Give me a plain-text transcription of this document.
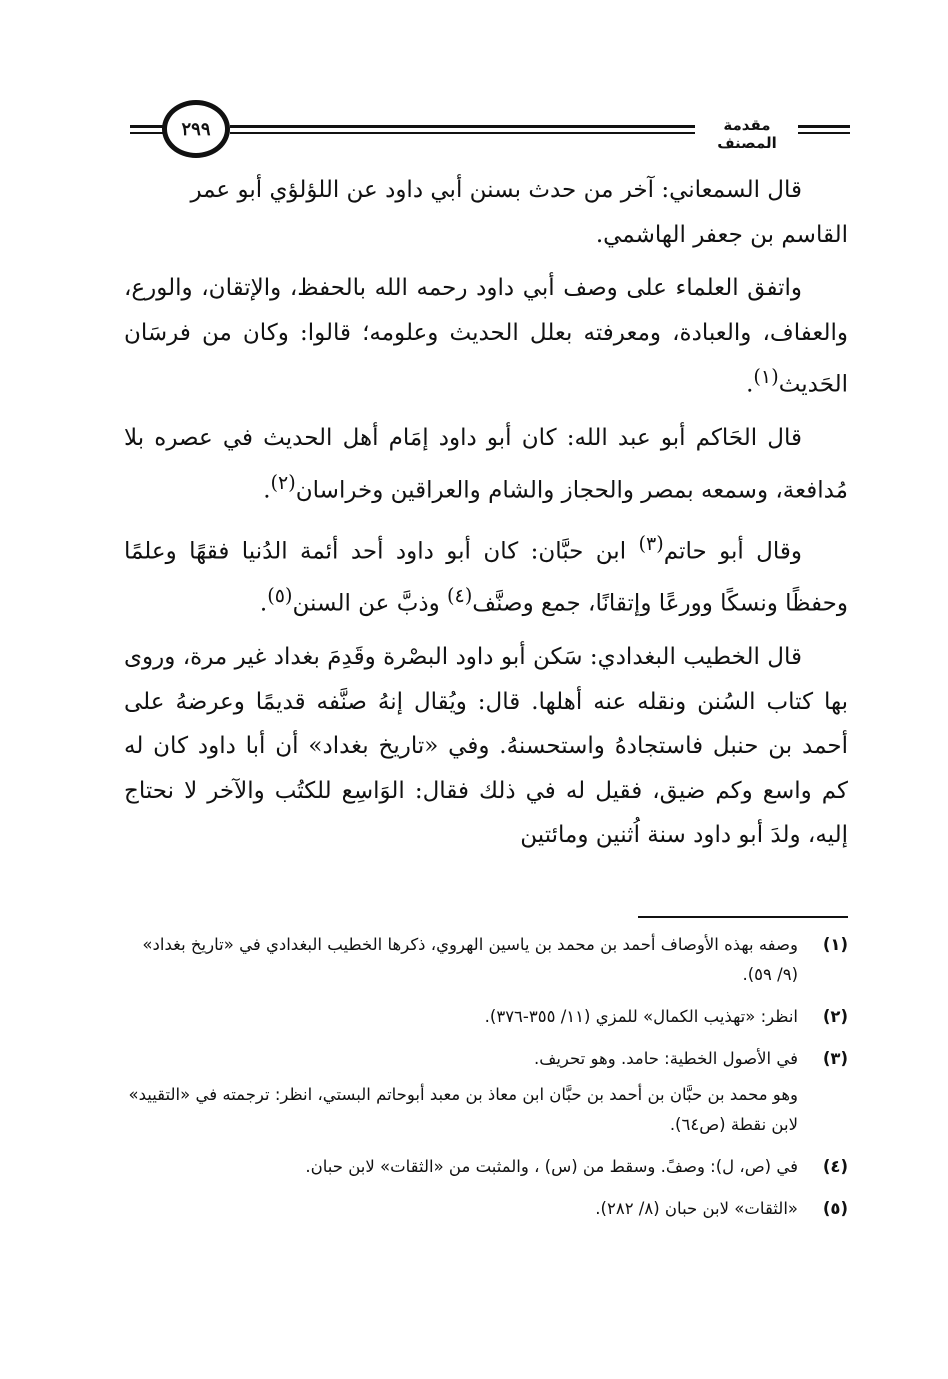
٢٩٩	مقدمة المصنف

قال السمعاني: آخر من حدث بسنن أبي داود عن اللؤلؤي أبو عمر
القاسم بن جعفر الهاشمي.

واتفق العلماء على وصف أبي داود رحمه الله بالحفظ، والإتقان، والورع، والعفاف، والعبادة، ومعرفته بعلل الحديث وعلومه؛ قالوا: وكان من فرسَان الحَديث$^{(١)}$.

قال الحَاكم أبو عبد الله: كان أبو داود إمَام أهل الحديث في عصره بلا مُدافعة، وسمعه بمصر والحجاز والشام والعراقين وخراسان$^{(٢)}$.

وقال أبو حاتم$^{(٣)}$ ابن حبَّان: كان أبو داود أحد أئمة الدُنيا فقهًا وعلمًا وحفظًا ونسكًا وورعًا وإتقانًا، جمع وصنَّف$^{(٤)}$ وذبَّ عن السنن$^{(٥)}$.

قال الخطيب البغدادي: سَكن أبو داود البصْرة وقَدِمَ بغداد غير مرة، وروى بها كتاب السُنن ونقله عنه أهلها. قال: ويُقال إنهُ صنَّفه قديمًا وعرضهُ على أحمد بن حنبل فاستجادهُ واستحسنهُ. وفي «تاريخ بغداد» أن أبا داود كان له كم واسع وكم ضيق، فقيل له في ذلك فقال: الوَاسِع للكتُب والآخر لا نحتاج إليه، ولدَ أبو داود سنة اُثنين ومائتين

(١)
وصفه بهذه الأوصاف أحمد بن محمد بن ياسين الهروي، ذكرها الخطيب البغدادي في «تاريخ بغداد» (٩/ ٥٩).
(٢)
انظر: «تهذيب الكمال» للمزي (١١/ ٣٥٥-٣٧٦).
(٣)
في الأصول الخطية: حامد. وهو تحريف.
وهو محمد بن حبَّان بن أحمد بن حبَّان ابن معاذ بن معبد أبوحاتم البستي، انظر: ترجمته في «التقييد» لابن نقطة (ص٦٤).
(٤)
في (ص، ل): وصفً. وسقط من (س) ، والمثبت من «الثقات» لابن حبان.
(٥)
«الثقات» لابن حبان (٨/ ٢٨٢).
